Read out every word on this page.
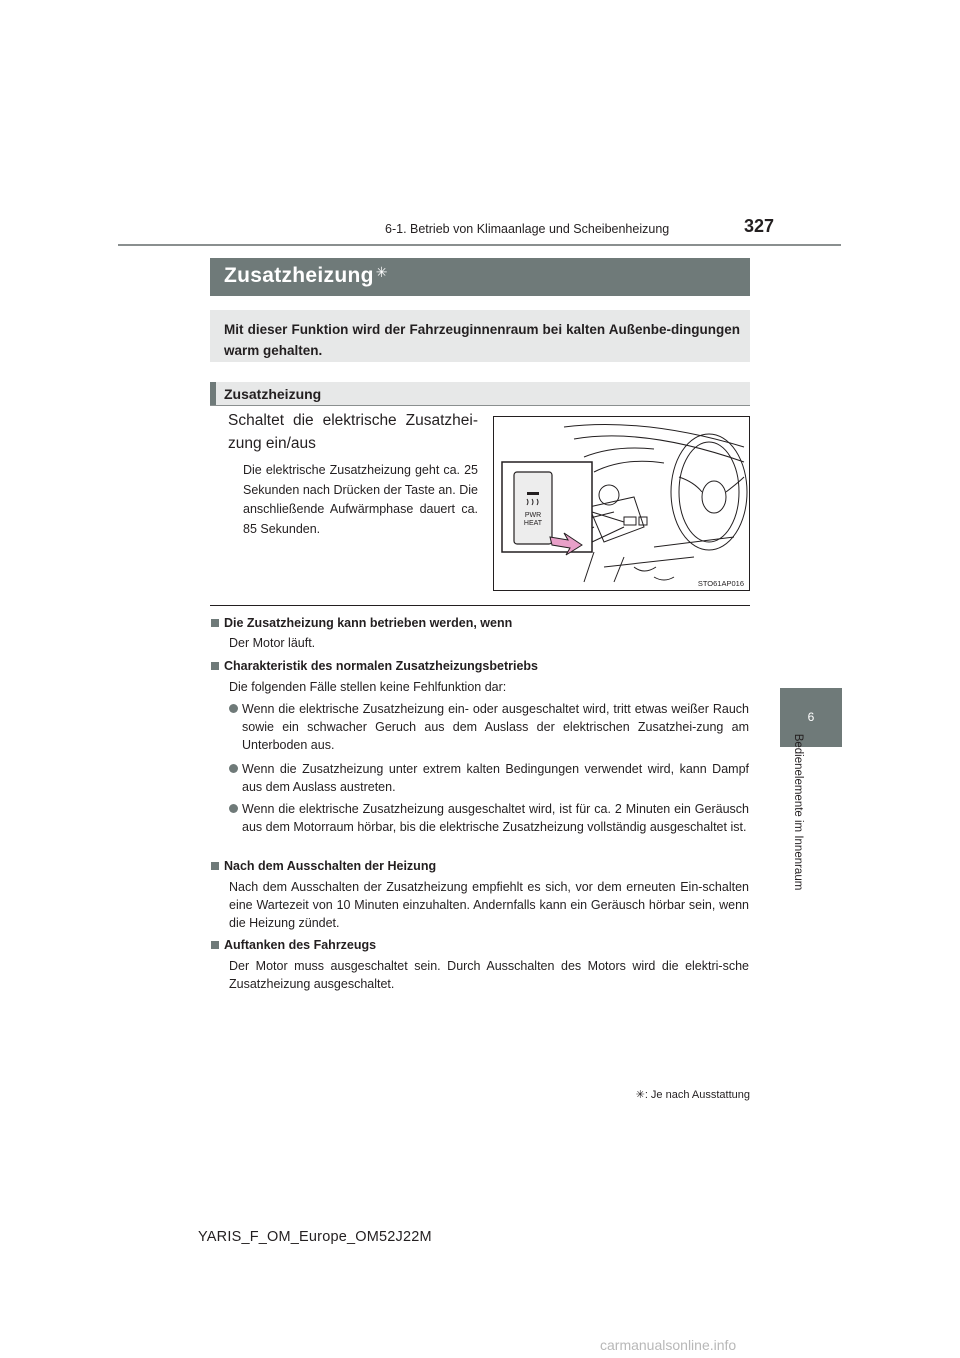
6-1. Betrieb von Klimaanlage und Scheibenheizung	327
Zusatzheizung ✳
Mit dieser Funktion wird der Fahrzeuginnenraum bei kalten Außenbe-dingungen warm gehalten.
Zusatzheizung
Schaltet die elektrische Zusatzhei-zung ein/aus
Die elektrische Zusatzheizung geht ca. 25 Sekunden nach Drücken der Taste an. Die anschließende Aufwärmphase dauert ca. 85 Sekunden.
PWR
HEAT
STO61AP016
Die Zusatzheizung kann betrieben werden, wenn
Der Motor läuft.
Charakteristik des normalen Zusatzheizungsbetriebs
Die folgenden Fälle stellen keine Fehlfunktion dar:
Wenn die elektrische Zusatzheizung ein- oder ausgeschaltet wird, tritt etwas weißer Rauch sowie ein schwacher Geruch aus dem Auslass der elektrischen Zusatzhei-zung am Unterboden aus.
Wenn die Zusatzheizung unter extrem kalten Bedingungen verwendet wird, kann Dampf aus dem Auslass austreten.
Wenn die elektrische Zusatzheizung ausgeschaltet wird, ist für ca. 2 Minuten ein Geräusch aus dem Motorraum hörbar, bis die elektrische Zusatzheizung vollständig ausgeschaltet ist.
Nach dem Ausschalten der Heizung
Nach dem Ausschalten der Zusatzheizung empfiehlt es sich, vor dem erneuten Ein-schalten eine Wartezeit von 10 Minuten einzuhalten. Andernfalls kann ein Geräusch hörbar sein, wenn die Heizung zündet.
Auftanken des Fahrzeugs
Der Motor muss ausgeschaltet sein. Durch Ausschalten des Motors wird die elektri-sche Zusatzheizung ausgeschaltet.
✳: Je nach Ausstattung
YARIS_F_OM_Europe_OM52J22M
6
Bedienelemente im Innenraum
carmanualsonline.info
